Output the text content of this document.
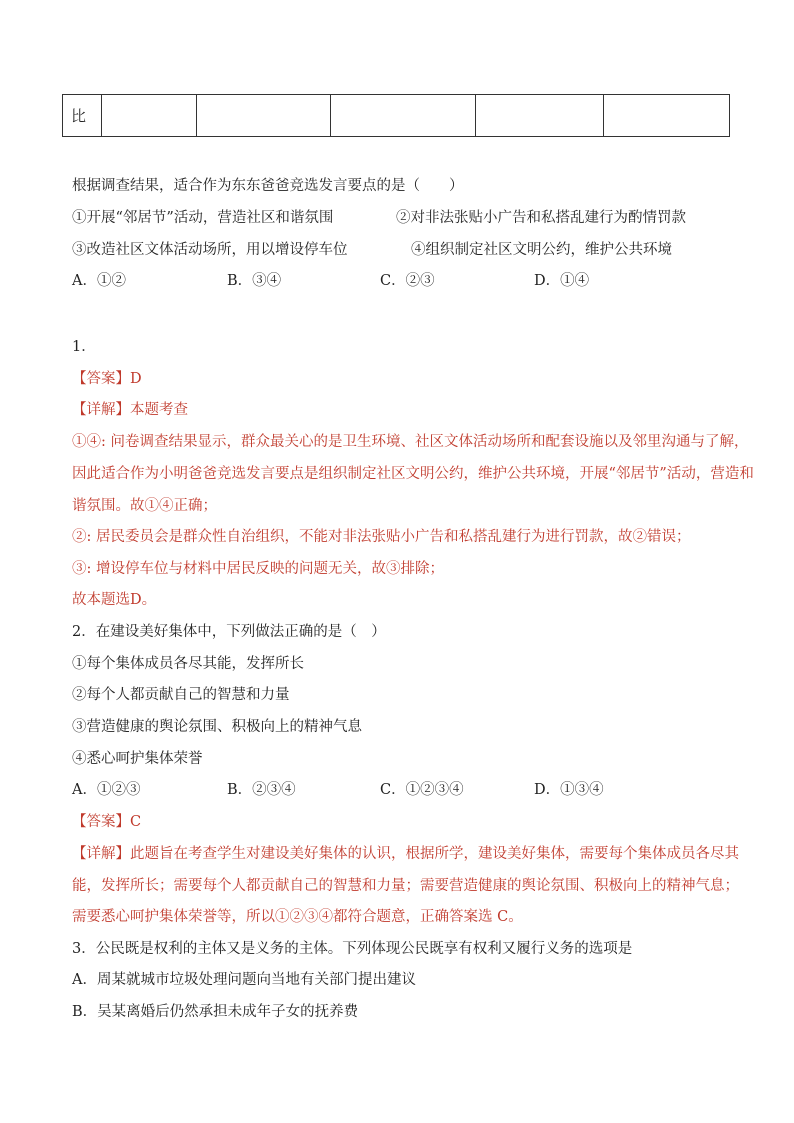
比					
根据调查结果，适合作为东东爸爸竞选发言要点的是（　　）
①开展“邻居节”活动，营造社区和谐氛围	②对非法张贴小广告和私搭乱建行为酌情罚款
③改造社区文体活动场所，用以增设停车位	④组织制定社区文明公约，维护公共环境
A．①②	B．③④	C．②③	D．①④
1．
【答案】D
【详解】本题考查
①④: 问卷调查结果显示，群众最关心的是卫生环境、社区文体活动场所和配套设施以及邻里沟通与了解，
因此适合作为小明爸爸竞选发言要点是组织制定社区文明公约，维护公共环境，开展“邻居节”活动，营造和
谐氛围。故①④正确；
②: 居民委员会是群众性自治组织，不能对非法张贴小广告和私搭乱建行为进行罚款，故②错误；
③: 增设停车位与材料中居民反映的问题无关，故③排除；
故本题选D。
2．在建设美好集体中，下列做法正确的是（　）
①每个集体成员各尽其能，发挥所长
②每个人都贡献自己的智慧和力量
③营造健康的舆论氛围、积极向上的精神气息
④悉心呵护集体荣誉
A．①②③	B．②③④	C．①②③④	D．①③④
【答案】C
【详解】此题旨在考查学生对建设美好集体的认识，根据所学，建设美好集体，需要每个集体成员各尽其
能，发挥所长；需要每个人都贡献自己的智慧和力量；需要营造健康的舆论氛围、积极向上的精神气息；
需要悉心呵护集体荣誉等，所以①②③④都符合题意，正确答案选 C。
3．公民既是权利的主体又是义务的主体。下列体现公民既享有权利又履行义务的选项是
A．周某就城市垃圾处理问题向当地有关部门提出建议
B．吴某离婚后仍然承担未成年子女的抚养费
